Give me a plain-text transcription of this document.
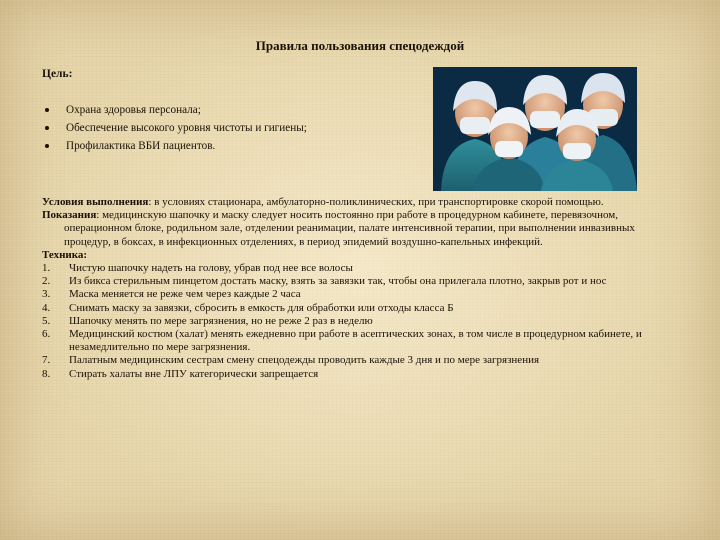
Правила пользования спецодеждой
Цель:
Охрана здоровья персонала;
Обеспечение высокого уровня чистоты и гигиены;
Профилактика ВБИ пациентов.

Условия выполнения: в условиях стационара, амбулаторно-поликлинических, при транспортировке скорой помощью.

Показания: медицинскую шапочку и маску следует носить постоянно при работе в процедурном кабинете, перевязочном, операционном блоке, родильном зале, отделении реанимации, палате интенсивной терапии, при выполнении инвазивных процедур, в боксах, в инфекционных отделениях, в период эпидемий воздушно-капельных инфекций.

Техника:

1. Чистую шапочку надеть на голову, убрав под нее все волосы
2. Из бикса стерильным пинцетом достать маску, взять за завязки так, чтобы она прилегала плотно, закрыв рот и нос
3. Маска меняется не реже чем через каждые 2 часа
4. Снимать маску за завязки, сбросить в емкость для обработки или отходы класса Б
5. Шапочку менять по мере загрязнения, но не реже 2 раз в неделю
6. Медицинский костюм (халат) менять ежедневно при работе в асептических зонах, в том числе в процедурном кабинете, и незамедлительно по мере загрязнения.
7. Палатным медицинским сестрам смену спецодежды проводить каждые 3 дня и по мере загрязнения
8. Стирать халаты вне ЛПУ категорически запрещается
